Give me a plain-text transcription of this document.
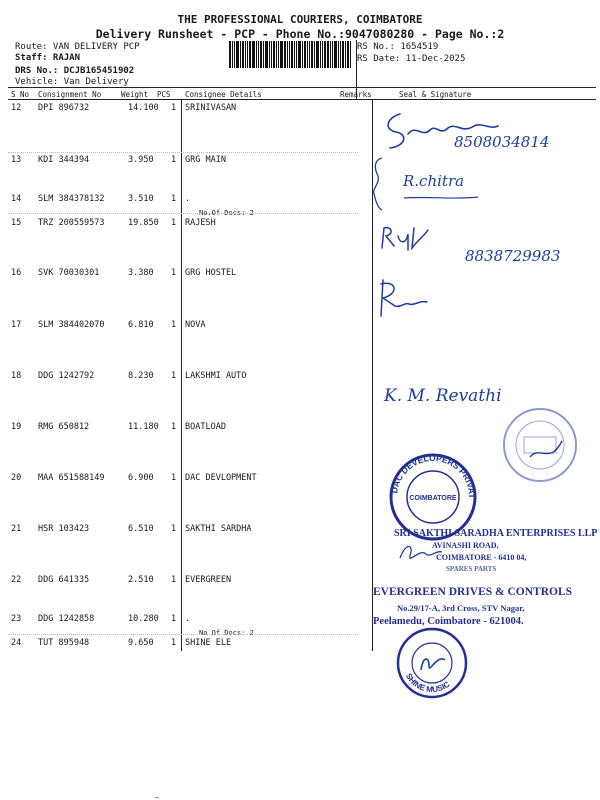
THE PROFESSIONAL COURIERS, COIMBATORE
Delivery Runsheet - PCP - Phone No.:9047080280 - Page No.:2
Route: VAN DELIVERY PCP
Staff: RAJAN
DRS No.: DCJB165451902
Vehicle: Van Delivery
RS No.: 1654519
RS Date: 11-Dec-2025
S No Consignment No	Weight PCS Consignee Details	Remarks	Seal & Signature
12 DPI 896732	14.100 1 SRINIVASAN
13 KDI 344394	3.950 1 GRG MAIN
14 SLM 384378132	3.510 1 .
No.Of Docs: 2
15 TRZ 200559573	19.850 1 RAJESH
16 SVK 70030301	3.380 1 GRG HOSTEL
17 SLM 384402070	6.810 1 NOVA
18 DDG 1242792	8.230 1 LAKSHMI AUTO
19 RMG 650812	11.180 1 BOATLOAD
20 MAA 651588149	6.900 1 DAC DEVLOPMENT
21 HSR 103423	6.510 1 SAKTHI SARDHA
22 DDG 641335	2.510 1 EVERGREEN
23 DDG 1242858	10.280 1 .
No.Of Docs: 2
24 TUT 895948	9.650 1 SHINE ELE
8508034814
R.chitra
8838729983
K. M. Revathi
DAC DEVELOPERS PRIVATE LIMITED
COIMBATORE
SRI SAKTHI SARADHA ENTERPRISES LLP
AVINASHI ROAD,
COIMBATORE - 6410 04,
SPARES PARTS
EVERGREEN DRIVES & CONTROLS
No.29/17-A, 3rd Cross, STV Nagar,
Peelamedu, Coimbatore - 621004.
SHINE MUSIC
